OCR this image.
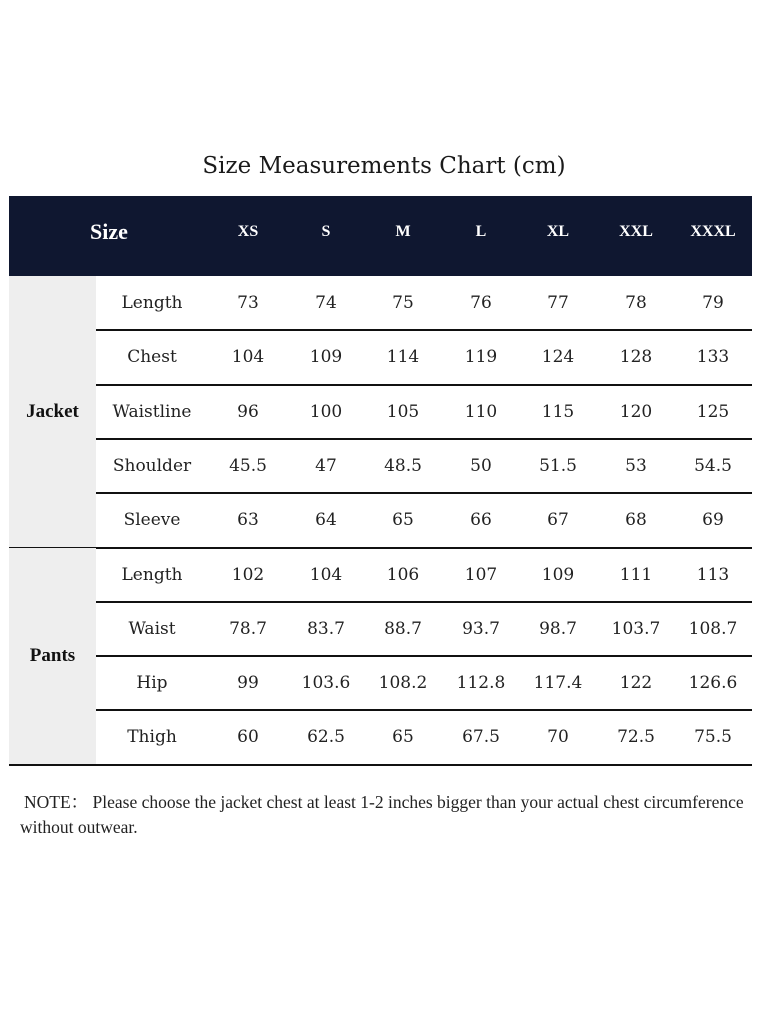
Size Measurements Chart (cm)
Size	XS	S	M	L	XL	XXL	XXXL
Jacket
Length	73	74	75	76	77	78	79
Chest	104	109	114	119	124	128	133
Waistline	96	100	105	110	115	120	125
Shoulder	45.5	47	48.5	50	51.5	53	54.5
Sleeve	63	64	65	66	67	68	69
Pants
Length	102	104	106	107	109	111	113
Waist	78.7	83.7	88.7	93.7	98.7	103.7	108.7
Hip	99	103.6	108.2	112.8	117.4	122	126.6
Thigh	60	62.5	65	67.5	70	72.5	75.5
NOTE： Please choose the jacket chest at least 1-2 inches bigger than your actual chest circumference without outwear.
